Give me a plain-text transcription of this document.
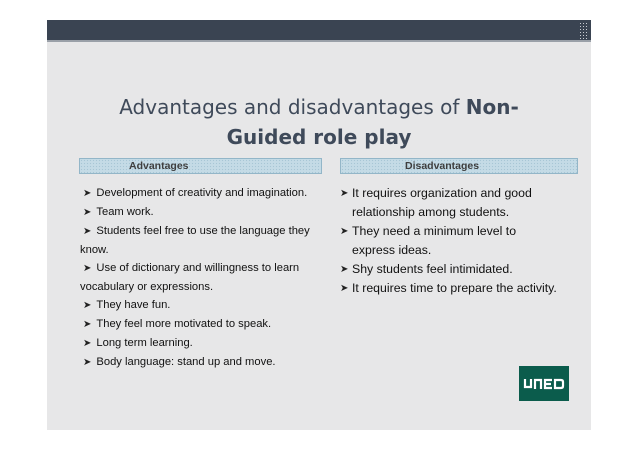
Advantages and disadvantages of Non-
Guided role play
Advantages	Disadvantages
➤ Development of creativity and imagination.
➤ Team work.
➤ Students feel free to use the language they know.
➤ Use of dictionary and willingness to learn vocabulary or expressions.
➤ They have fun.
➤ They feel more motivated to speak.
➤ Long term learning.
➤ Body language: stand up and move.
➤ It requires organization and good relationship among students.
➤ They need a minimum level to express ideas.
➤ Shy students feel intimidated.
➤ It requires time to prepare the activity.
